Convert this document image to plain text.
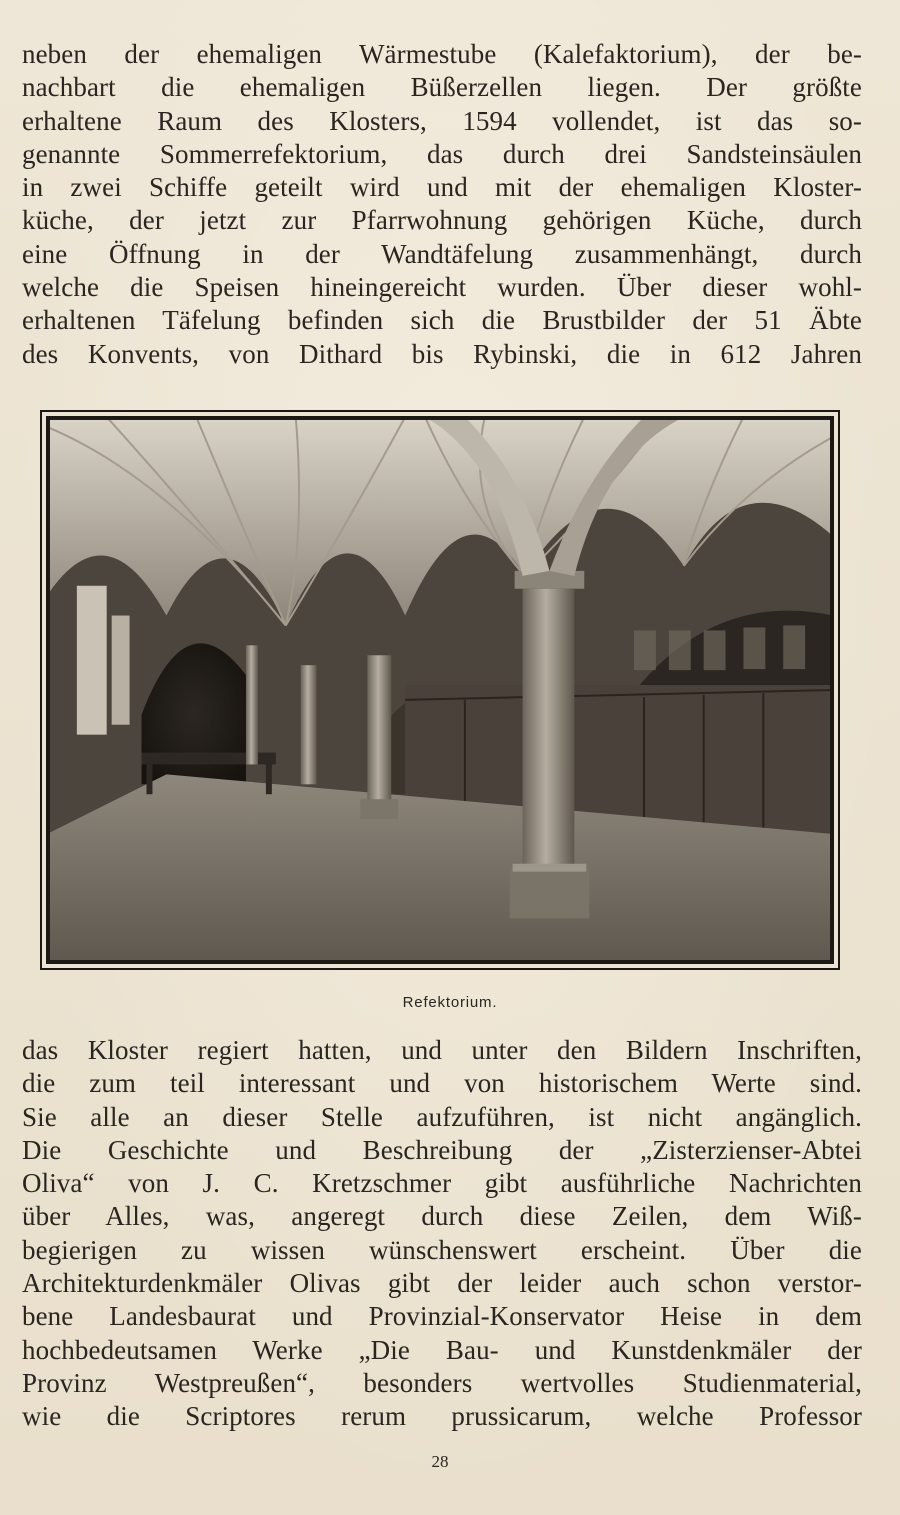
neben der ehemaligen Wärmestube (Kalefaktorium), der be-
nachbart die ehemaligen Büßerzellen liegen. Der größte
erhaltene Raum des Klosters, 1594 vollendet, ist das so-
genannte Sommerrefektorium, das durch drei Sandsteinsäulen
in zwei Schiffe geteilt wird und mit der ehemaligen Kloster-
küche, der jetzt zur Pfarrwohnung gehörigen Küche, durch
eine Öffnung in der Wandtäfelung zusammenhängt, durch
welche die Speisen hineingereicht wurden. Über dieser wohl-
erhaltenen Täfelung befinden sich die Brustbilder der 51 Äbte
des Konvents, von Dithard bis Rybinski, die in 612 Jahren
Refektorium.
das Kloster regiert hatten, und unter den Bildern Inschriften,
die zum teil interessant und von historischem Werte sind.
Sie alle an dieser Stelle aufzuführen, ist nicht angänglich.
Die Geschichte und Beschreibung der „Zisterzienser-Abtei
Oliva“ von J. C. Kretzschmer gibt ausführliche Nachrichten
über Alles, was, angeregt durch diese Zeilen, dem Wiß-
begierigen zu wissen wünschenswert erscheint. Über die
Architekturdenkmäler Olivas gibt der leider auch schon verstor-
bene Landesbaurat und Provinzial-Konservator Heise in dem
hochbedeutsamen Werke „Die Bau- und Kunstdenkmäler der
Provinz Westpreußen“, besonders wertvolles Studienmaterial,
wie die Scriptores rerum prussicarum, welche Professor
28
